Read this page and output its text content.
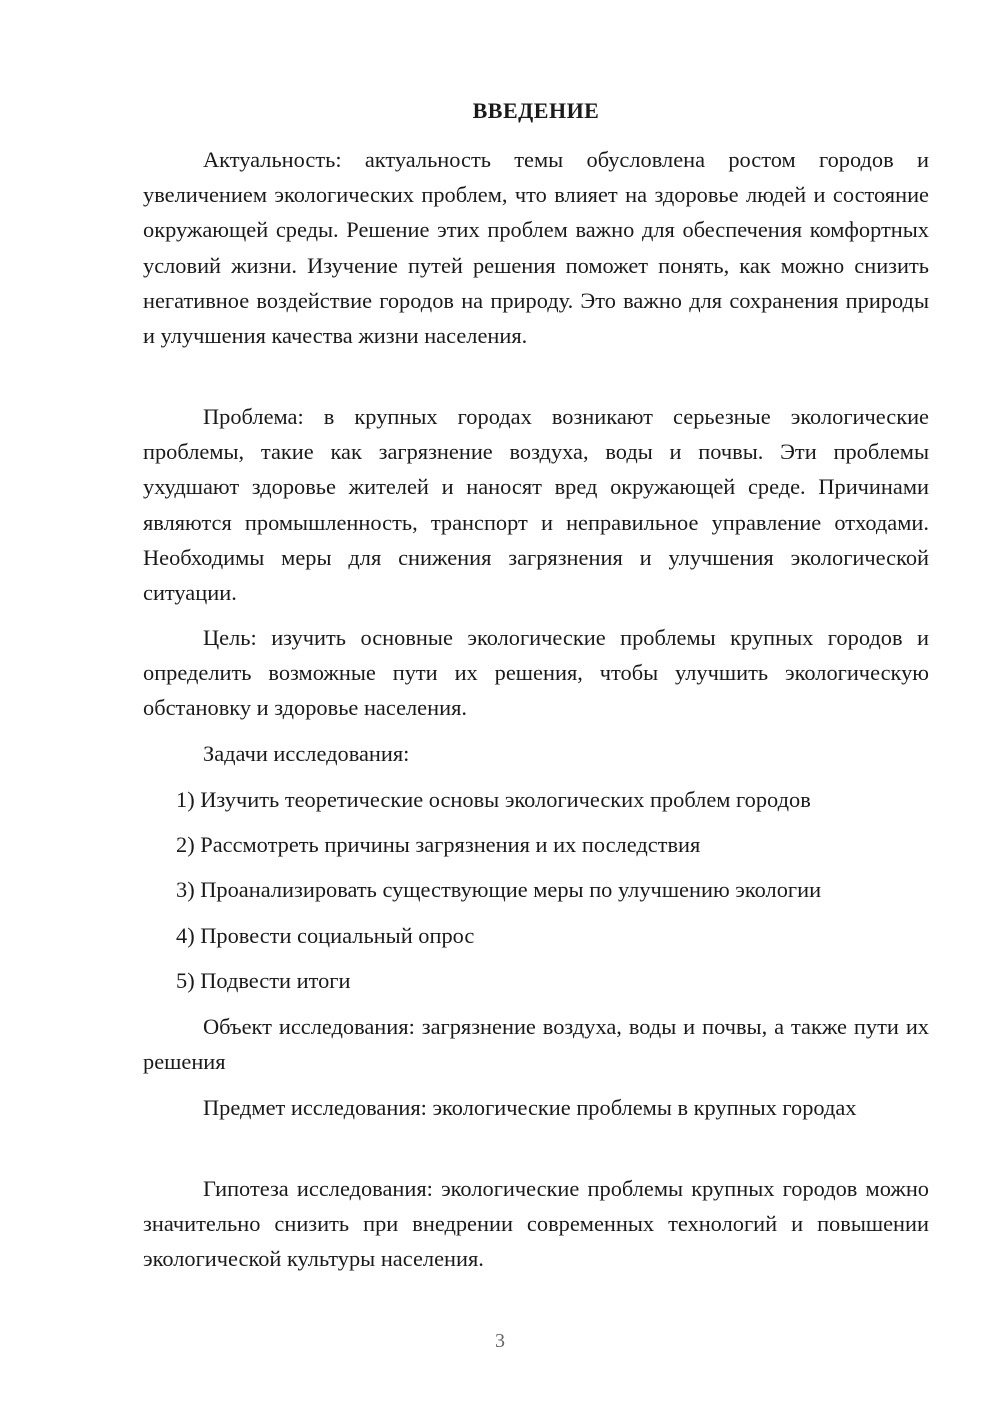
ВВЕДЕНИЕ

Актуальность: актуальность темы обусловлена ростом городов и увеличением экологических проблем, что влияет на здоровье людей и состояние окружающей среды. Решение этих проблем важно для обеспечения комфортных условий жизни. Изучение путей решения поможет понять, как можно снизить негативное воздействие городов на природу. Это важно для сохранения природы и улучшения качества жизни населения.

Проблема: в крупных городах возникают серьезные экологические проблемы, такие как загрязнение воздуха, воды и почвы. Эти проблемы ухудшают здоровье жителей и наносят вред окружающей среде. Причинами являются промышленность, транспорт и неправильное управление отходами. Необходимы меры для снижения загрязнения и улучшения экологической ситуации.

Цель: изучить основные экологические проблемы крупных городов и определить возможные пути их решения, чтобы улучшить экологическую обстановку и здоровье населения.

Задачи исследования:

1) Изучить теоретические основы экологических проблем городов
2) Рассмотреть причины загрязнения и их последствия
3) Проанализировать существующие меры по улучшению экологии
4) Провести социальный опрос
5) Подвести итоги

Объект исследования: загрязнение воздуха, воды и почвы, а также пути их решения

Предмет исследования: экологические проблемы в крупных городах

Гипотеза исследования: экологические проблемы крупных городов можно значительно снизить при внедрении современных технологий и повышении экологической культуры населения.

3
